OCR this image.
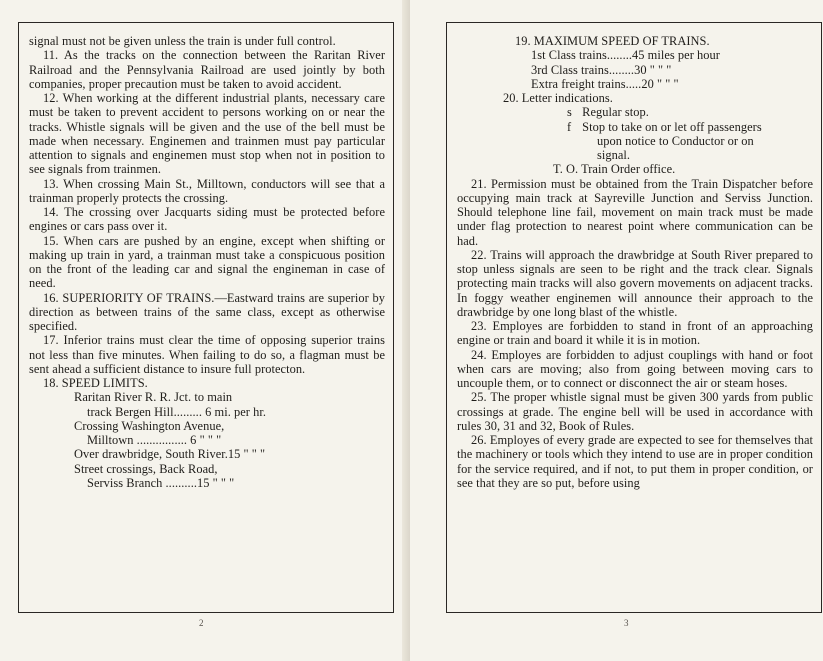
signal must not be given unless the train is under full control.

11. As the tracks on the connection between the Raritan River Railroad and the Pennsylvania Railroad are used jointly by both companies, proper precaution must be taken to avoid accident.

12. When working at the different industrial plants, necessary care must be taken to prevent accident to persons working on or near the tracks. Whistle signals will be given and the use of the bell must be made when necessary. Enginemen and trainmen must pay particular attention to signals and enginemen must stop when not in position to see signals from trainmen.

13. When crossing Main St., Milltown, conductors will see that a trainman properly protects the crossing.

14. The crossing over Jacquarts siding must be protected before engines or cars pass over it.

15. When cars are pushed by an engine, except when shifting or making up train in yard, a trainman must take a conspicuous position on the front of the leading car and signal the engineman in case of need.

16. SUPERIORITY OF TRAINS.—Eastward trains are superior by direction as between trains of the same class, except as otherwise specified.

17. Inferior trains must clear the time of opposing superior trains not less than five minutes. When failing to do so, a flagman must be sent ahead a sufficient distance to insure full protecton.

18. SPEED LIMITS.

Raritan River R. R. Jct. to main

track Bergen Hill......... 6 mi. per hr.

Crossing Washington Avenue,

Milltown ................ 6 " " "

Over drawbridge, South River.15 " " "

Street crossings, Back Road,

Serviss Branch ..........15 " " "

2

19. MAXIMUM SPEED OF TRAINS.

1st Class trains........45 miles per hour

3rd Class trains........30 " " "

Extra freight trains.....20 " " "

20. Letter indications.

s Regular stop.

f Stop to take on or let off passengers

upon notice to Conductor or on

signal.

T. O. Train Order office.

21. Permission must be obtained from the Train Dispatcher before occupying main track at Sayreville Junction and Serviss Junction. Should telephone line fail, movement on main track must be made under flag protection to nearest point where communication can be had.

22. Trains will approach the drawbridge at South River prepared to stop unless signals are seen to be right and the track clear. Signals protecting main tracks will also govern movements on adjacent tracks. In foggy weather enginemen will announce their approach to the drawbridge by one long blast of the whistle.

23. Employes are forbidden to stand in front of an approaching engine or train and board it while it is in motion.

24. Employes are forbidden to adjust couplings with hand or foot when cars are moving; also from going between moving cars to uncouple them, or to connect or disconnect the air or steam hoses.

25. The proper whistle signal must be given 300 yards from public crossings at grade. The engine bell will be used in accordance with rules 30, 31 and 32, Book of Rules.

26. Employes of every grade are expected to see for themselves that the machinery or tools which they intend to use are in proper condition for the service required, and if not, to put them in proper condition, or see that they are so put, before using

3
